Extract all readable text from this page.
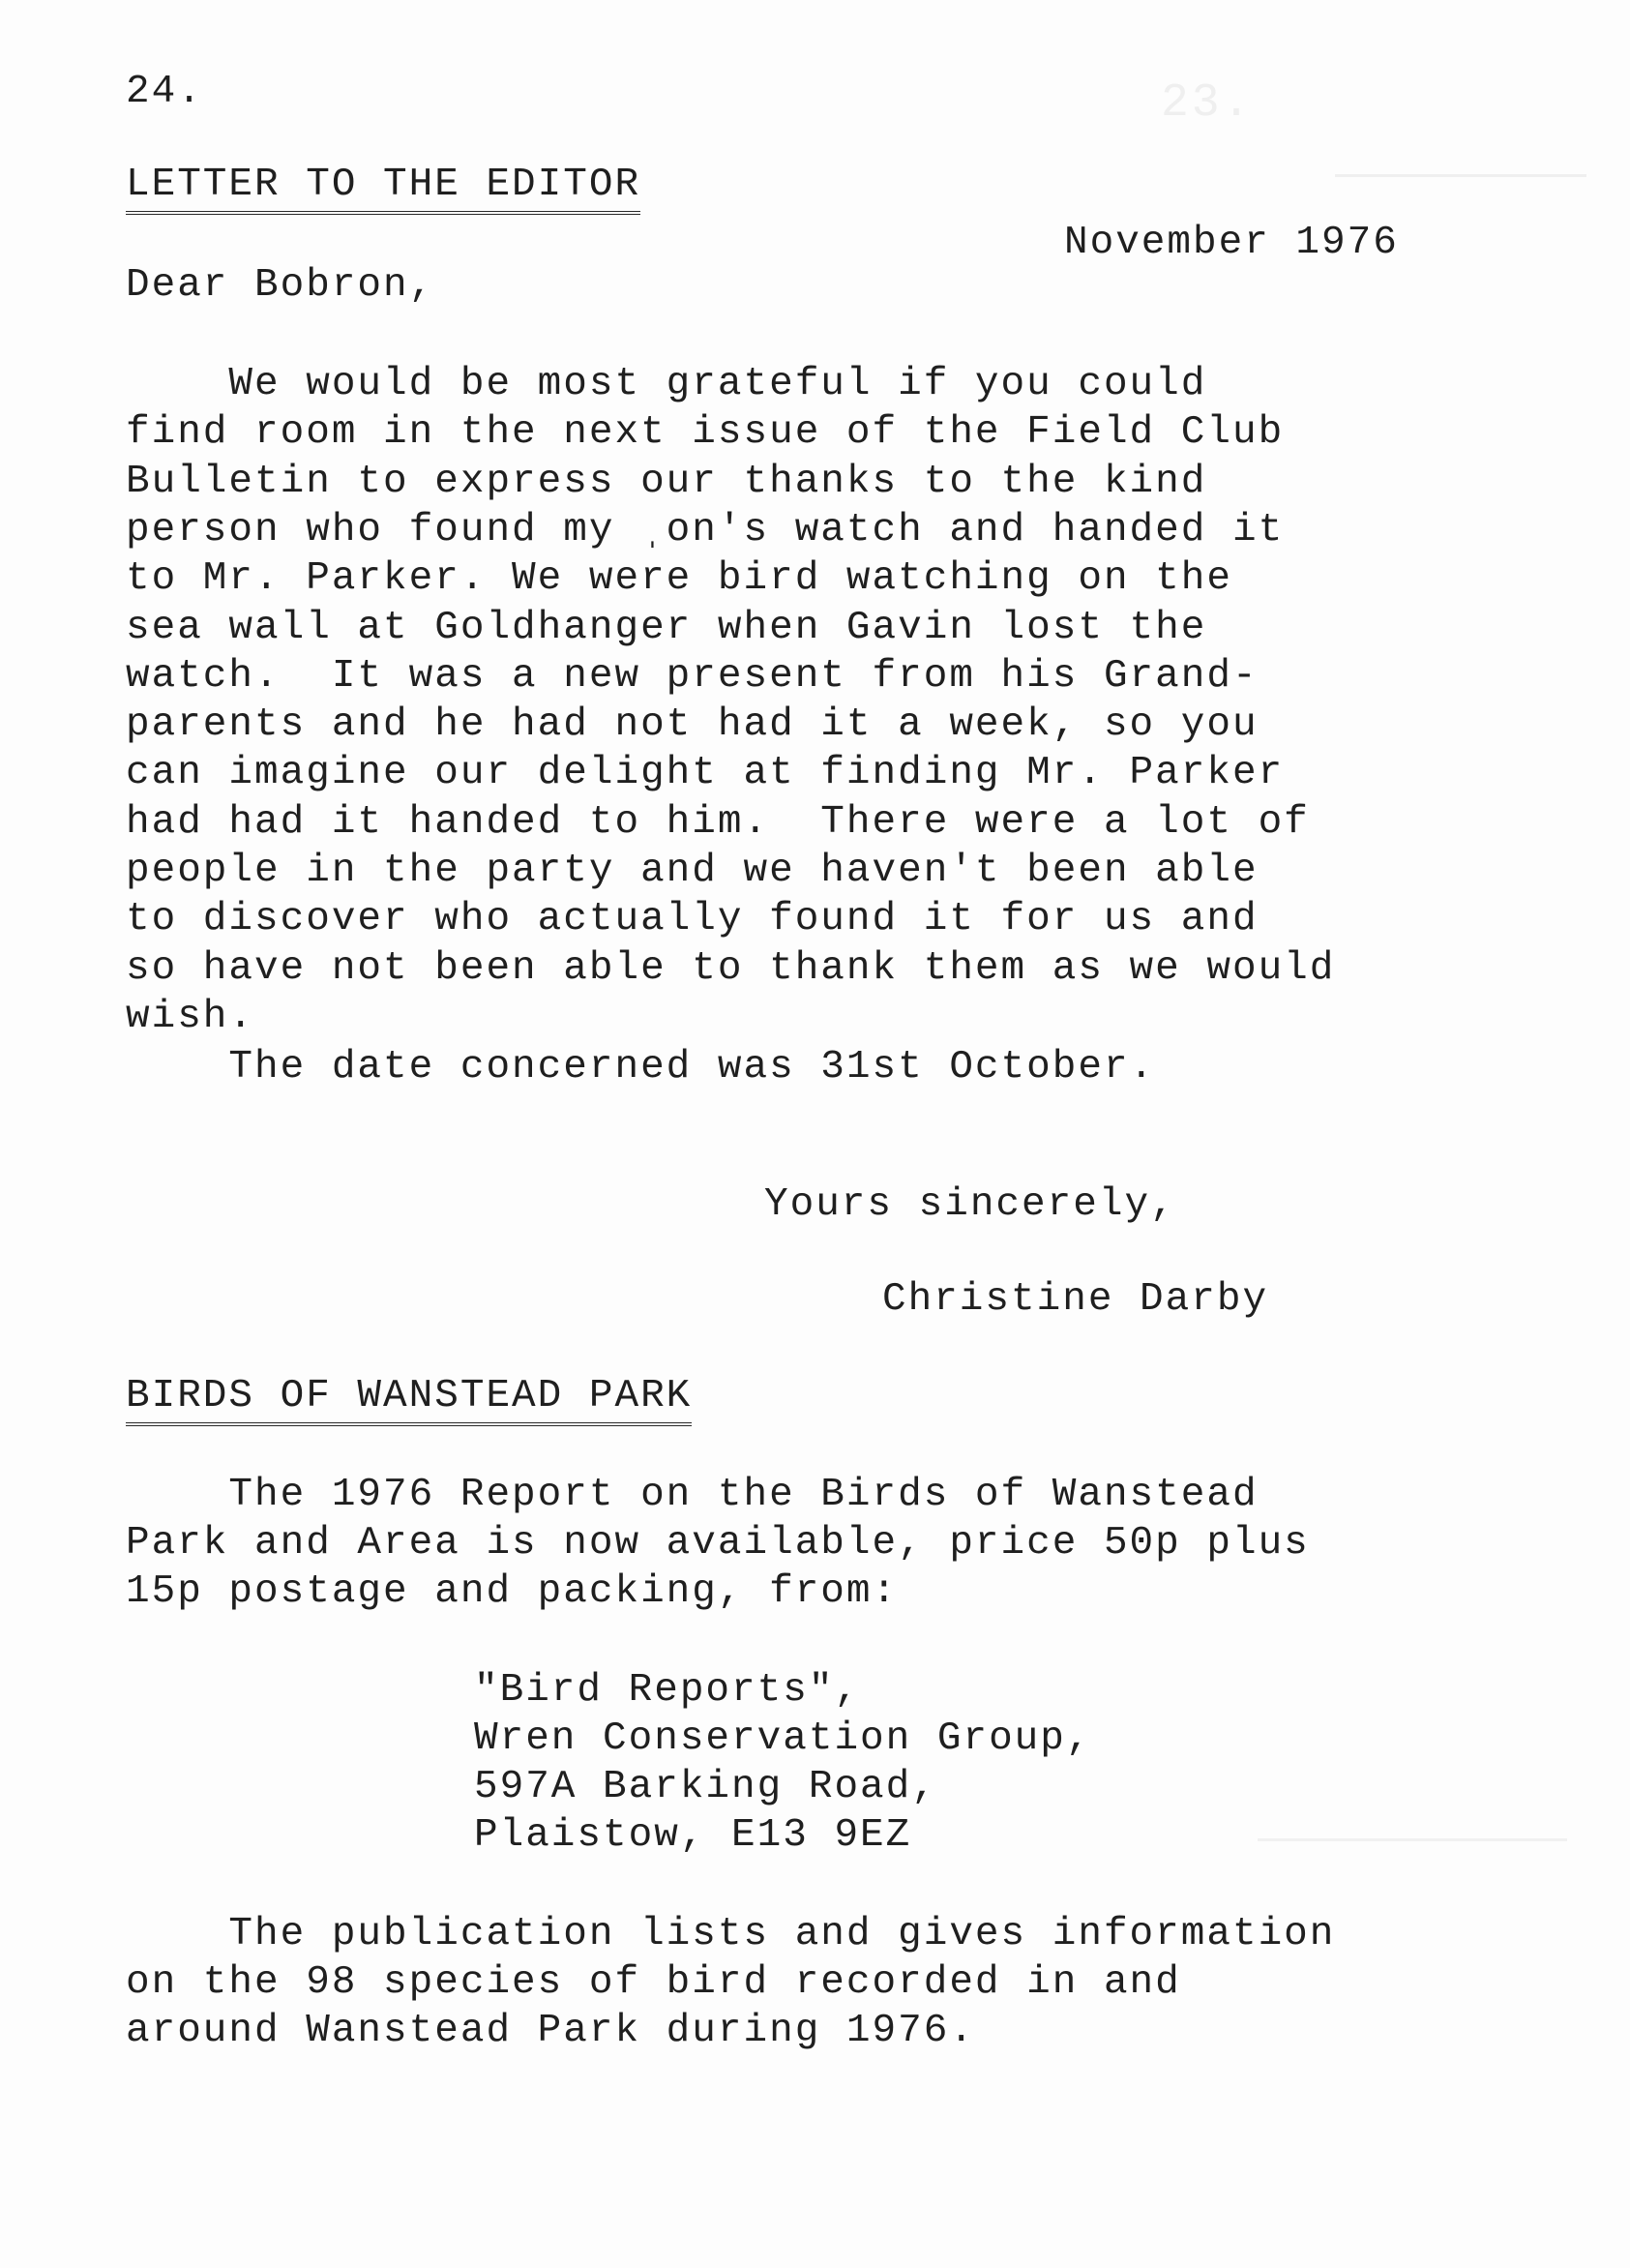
23.
24.
LETTER TO THE EDITOR
November 1976
Dear Bobron,
We would be most grateful if you could
find room in the next issue of the Field Club
Bulletin to express our thanks to the kind
person who found my ˌon's watch and handed it
to Mr. Parker. We were bird watching on the
sea wall at Goldhanger when Gavin lost the
watch.  It was a new present from his Grand-
parents and he had not had it a week, so you
can imagine our delight at finding Mr. Parker
had had it handed to him.  There were a lot of
people in the party and we haven't been able
to discover who actually found it for us and
so have not been able to thank them as we would
wish.
The date concerned was 31st October.
Yours sincerely,
Christine Darby
BIRDS OF WANSTEAD PARK
The 1976 Report on the Birds of Wanstead
Park and Area is now available, price 50p plus
15p postage and packing, from:
"Bird Reports",
Wren Conservation Group,
597A Barking Road,
Plaistow, E13 9EZ
The publication lists and gives information
on the 98 species of bird recorded in and
around Wanstead Park during 1976.
